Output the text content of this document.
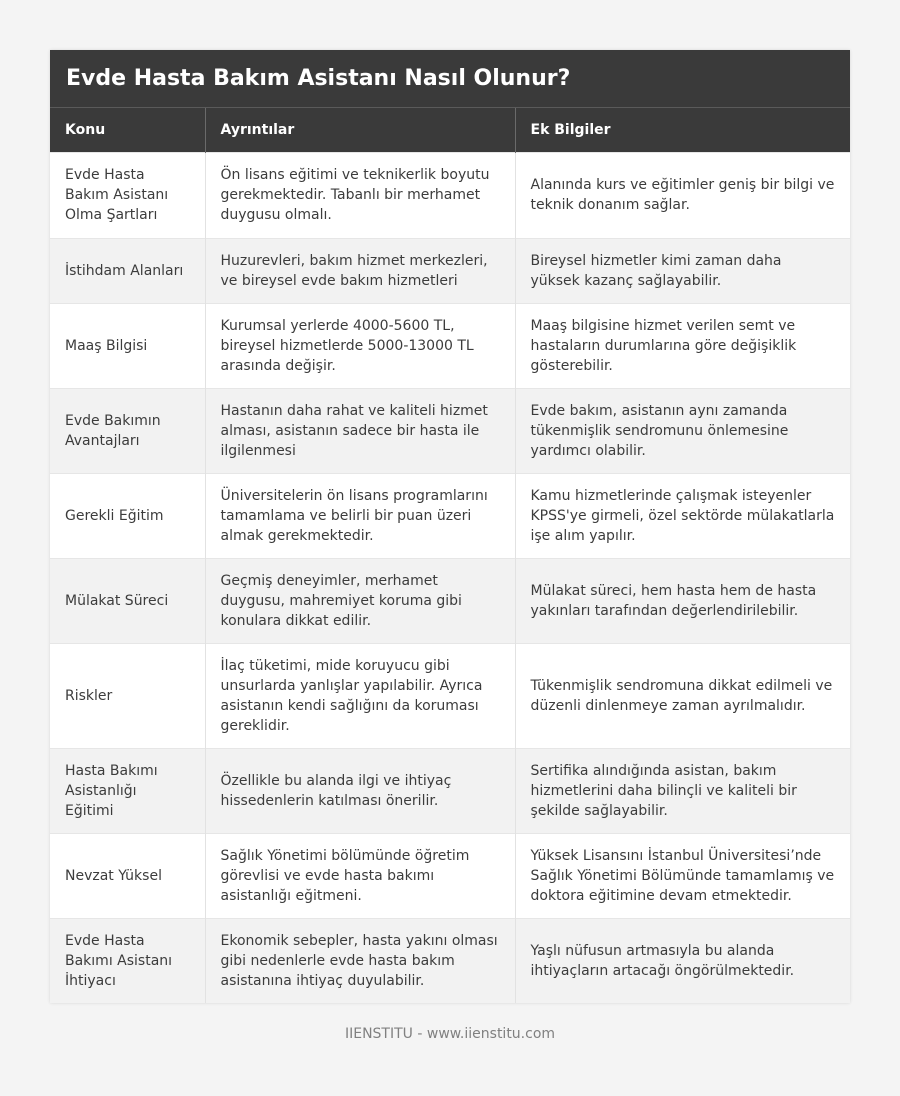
Evde Hasta Bakım Asistanı Nasıl Olunur?
Konu	Ayrıntılar	Ek Bilgiler
Evde Hasta Bakım Asistanı Olma Şartları	Ön lisans eğitimi ve teknikerlik boyutu gerekmektedir. Tabanlı bir merhamet duygusu olmalı.	Alanında kurs ve eğitimler geniş bir bilgi ve teknik donanım sağlar.
İstihdam Alanları	Huzurevleri, bakım hizmet merkezleri, ve bireysel evde bakım hizmetleri	Bireysel hizmetler kimi zaman daha yüksek kazanç sağlayabilir.
Maaş Bilgisi	Kurumsal yerlerde 4000-5600 TL, bireysel hizmetlerde 5000-13000 TL arasında değişir.	Maaş bilgisine hizmet verilen semt ve hastaların durumlarına göre değişiklik gösterebilir.
Evde Bakımın Avantajları	Hastanın daha rahat ve kaliteli hizmet alması, asistanın sadece bir hasta ile ilgilenmesi	Evde bakım, asistanın aynı zamanda tükenmişlik sendromunu önlemesine yardımcı olabilir.
Gerekli Eğitim	Üniversitelerin ön lisans programlarını tamamlama ve belirli bir puan üzeri almak gerekmektedir.	Kamu hizmetlerinde çalışmak isteyenler KPSS'ye girmeli, özel sektörde mülakatlarla işe alım yapılır.
Mülakat Süreci	Geçmiş deneyimler, merhamet duygusu, mahremiyet koruma gibi konulara dikkat edilir.	Mülakat süreci, hem hasta hem de hasta yakınları tarafından değerlendirilebilir.
Riskler	İlaç tüketimi, mide koruyucu gibi unsurlarda yanlışlar yapılabilir. Ayrıca asistanın kendi sağlığını da koruması gereklidir.	Tükenmişlik sendromuna dikkat edilmeli ve düzenli dinlenmeye zaman ayrılmalıdır.
Hasta Bakımı Asistanlığı Eğitimi	Özellikle bu alanda ilgi ve ihtiyaç hissedenlerin katılması önerilir.	Sertifika alındığında asistan, bakım hizmetlerini daha bilinçli ve kaliteli bir şekilde sağlayabilir.
Nevzat Yüksel	Sağlık Yönetimi bölümünde öğretim görevlisi ve evde hasta bakımı asistanlığı eğitmeni.	Yüksek Lisansını İstanbul Üniversitesi’nde Sağlık Yönetimi Bölümünde tamamlamış ve doktora eğitimine devam etmektedir.
Evde Hasta Bakımı Asistanı İhtiyacı	Ekonomik sebepler, hasta yakını olması gibi nedenlerle evde hasta bakım asistanına ihtiyaç duyulabilir.	Yaşlı nüfusun artmasıyla bu alanda ihtiyaçların artacağı öngörülmektedir.
IIENSTITU - www.iienstitu.com
